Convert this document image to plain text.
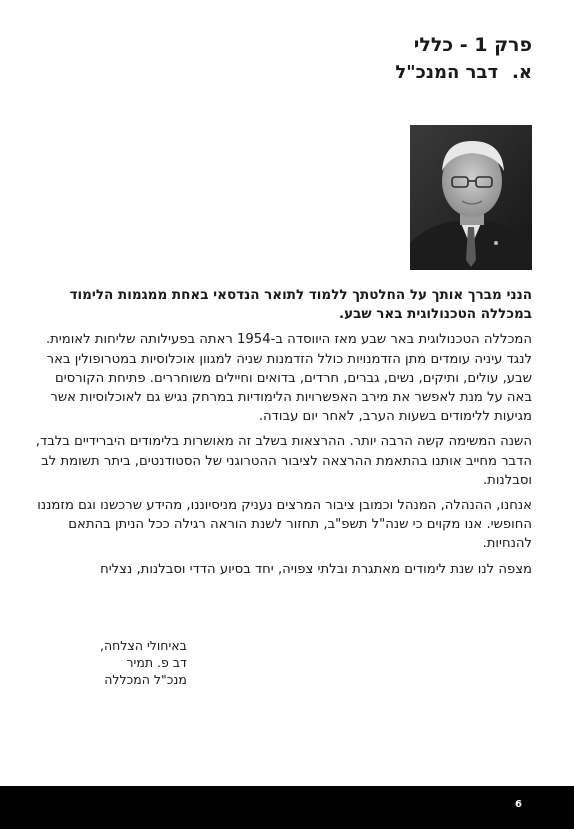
פרק 1 - כללי
א.דבר המנכ"ל

הנני מברך אותך על החלטתך ללמוד לתואר הנדסאי באחת ממגמות הלימוד במכללה הטכנולוגית באר שבע.

המכללה הטכנולוגית באר שבע מאז היווסדה ב-1954 ראתה בפעילותה שליחות לאומית. לנגד עיניה עומדים מתן הזדמנויות כולל הזדמנות שניה למגוון אוכלוסיות במטרופולין באר שבע, עולים, ותיקים, נשים, גברים, חרדים, בדואים וחיילים משוחררים. פתיחת הקורסים באה על מנת לאפשר את מירב האפשרויות הלימודיות במרחק נגיש גם לאוכלוסיות אשר מגיעות ללימודים בשעות הערב, לאחר יום עבודה.

השנה המשימה קשה הרבה יותר. ההרצאות בשלב זה מאושרות בלימודים היברידיים בלבד, הדבר מחייב אותנו בהתאמת ההרצאה לציבור ההטרוגני של הסטודנטים, ביתר תשומת לב וסבלנות.

אנחנו, ההנהלה, המנהל וכמובן ציבור המרצים נעניק מניסיוננו, מהידע שרכשנו וגם מזמננו החופשי. אנו מקוים כי שנה"ל תשפ"ב, תחזור לשנת הוראה רגילה ככל הניתן בהתאם להנחיות.

מצפה לנו שנת לימודים מאתגרת ובלתי צפויה, יחד בסיוע הדדי וסבלנות, נצליח

באיחולי הצלחה,
דב פ. תמיר
מנכ"ל המכללה
6
